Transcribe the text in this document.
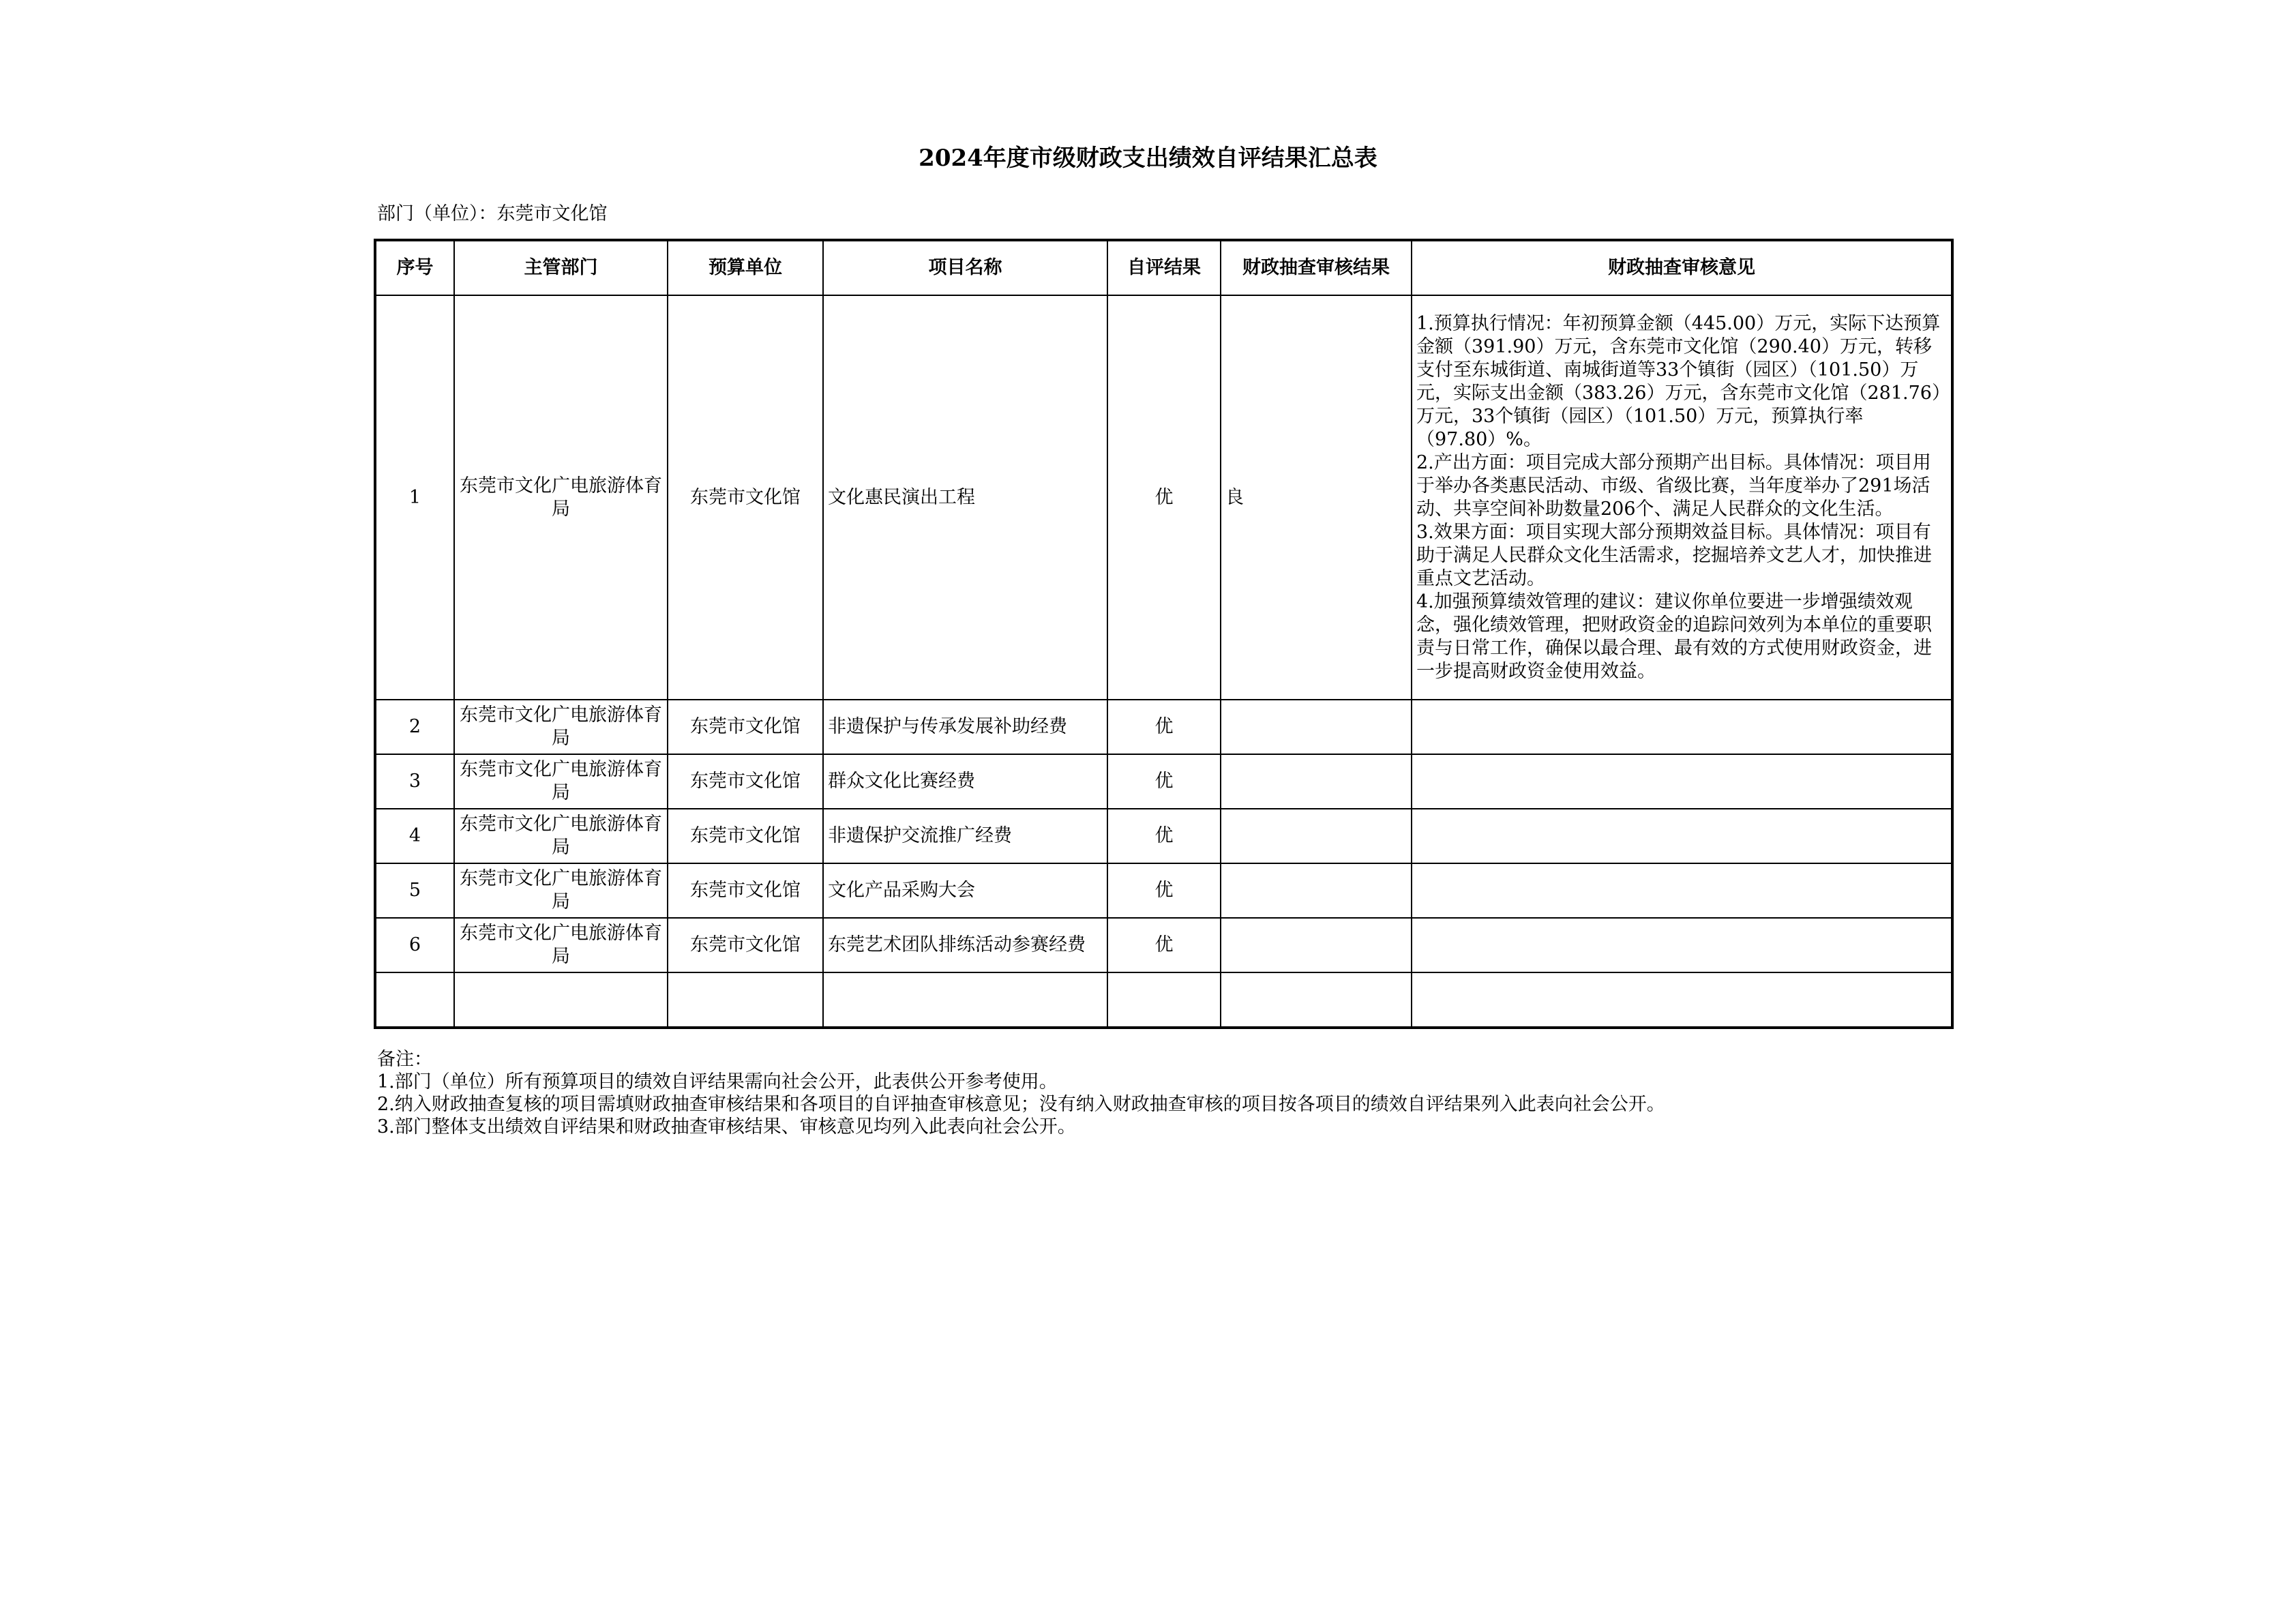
2024年度市级财政支出绩效自评结果汇总表
部门（单位）：东莞市文化馆
序号	主管部门	预算单位	项目名称	自评结果	财政抽查审核结果	财政抽查审核意见
1	东莞市文化广电旅游体育局	东莞市文化馆	文化惠民演出工程	优	良	1.预算执行情况：年初预算金额（445.00）万元，实际下达预算金额（391.90）万元，含东莞市文化馆（290.40）万元，转移支付至东城街道、南城街道等33个镇街（园区）（101.50）万元，实际支出金额（383.26）万元，含东莞市文化馆（281.76）万元，33个镇街（园区）（101.50）万元，预算执行率（97.80）%。
2.产出方面：项目完成大部分预期产出目标。具体情况：项目用于举办各类惠民活动、市级、省级比赛，当年度举办了291场活动、共享空间补助数量206个、满足人民群众的文化生活。
3.效果方面：项目实现大部分预期效益目标。具体情况：项目有助于满足人民群众文化生活需求，挖掘培养文艺人才，加快推进重点文艺活动。
4.加强预算绩效管理的建议：建议你单位要进一步增强绩效观念，强化绩效管理，把财政资金的追踪问效列为本单位的重要职责与日常工作，确保以最合理、最有效的方式使用财政资金，进一步提高财政资金使用效益。

2	东莞市文化广电旅游体育局	东莞市文化馆	非遗保护与传承发展补助经费	优		
3	东莞市文化广电旅游体育局	东莞市文化馆	群众文化比赛经费	优		
4	东莞市文化广电旅游体育局	东莞市文化馆	非遗保护交流推广经费	优		
5	东莞市文化广电旅游体育局	东莞市文化馆	文化产品采购大会	优		
6	东莞市文化广电旅游体育局	东莞市文化馆	东莞艺术团队排练活动参赛经费	优		

备注：
1.部门（单位）所有预算项目的绩效自评结果需向社会公开，此表供公开参考使用。
2.纳入财政抽查复核的项目需填财政抽查审核结果和各项目的自评抽查审核意见；没有纳入财政抽查审核的项目按各项目的绩效自评结果列入此表向社会公开。
3.部门整体支出绩效自评结果和财政抽查审核结果、审核意见均列入此表向社会公开。
